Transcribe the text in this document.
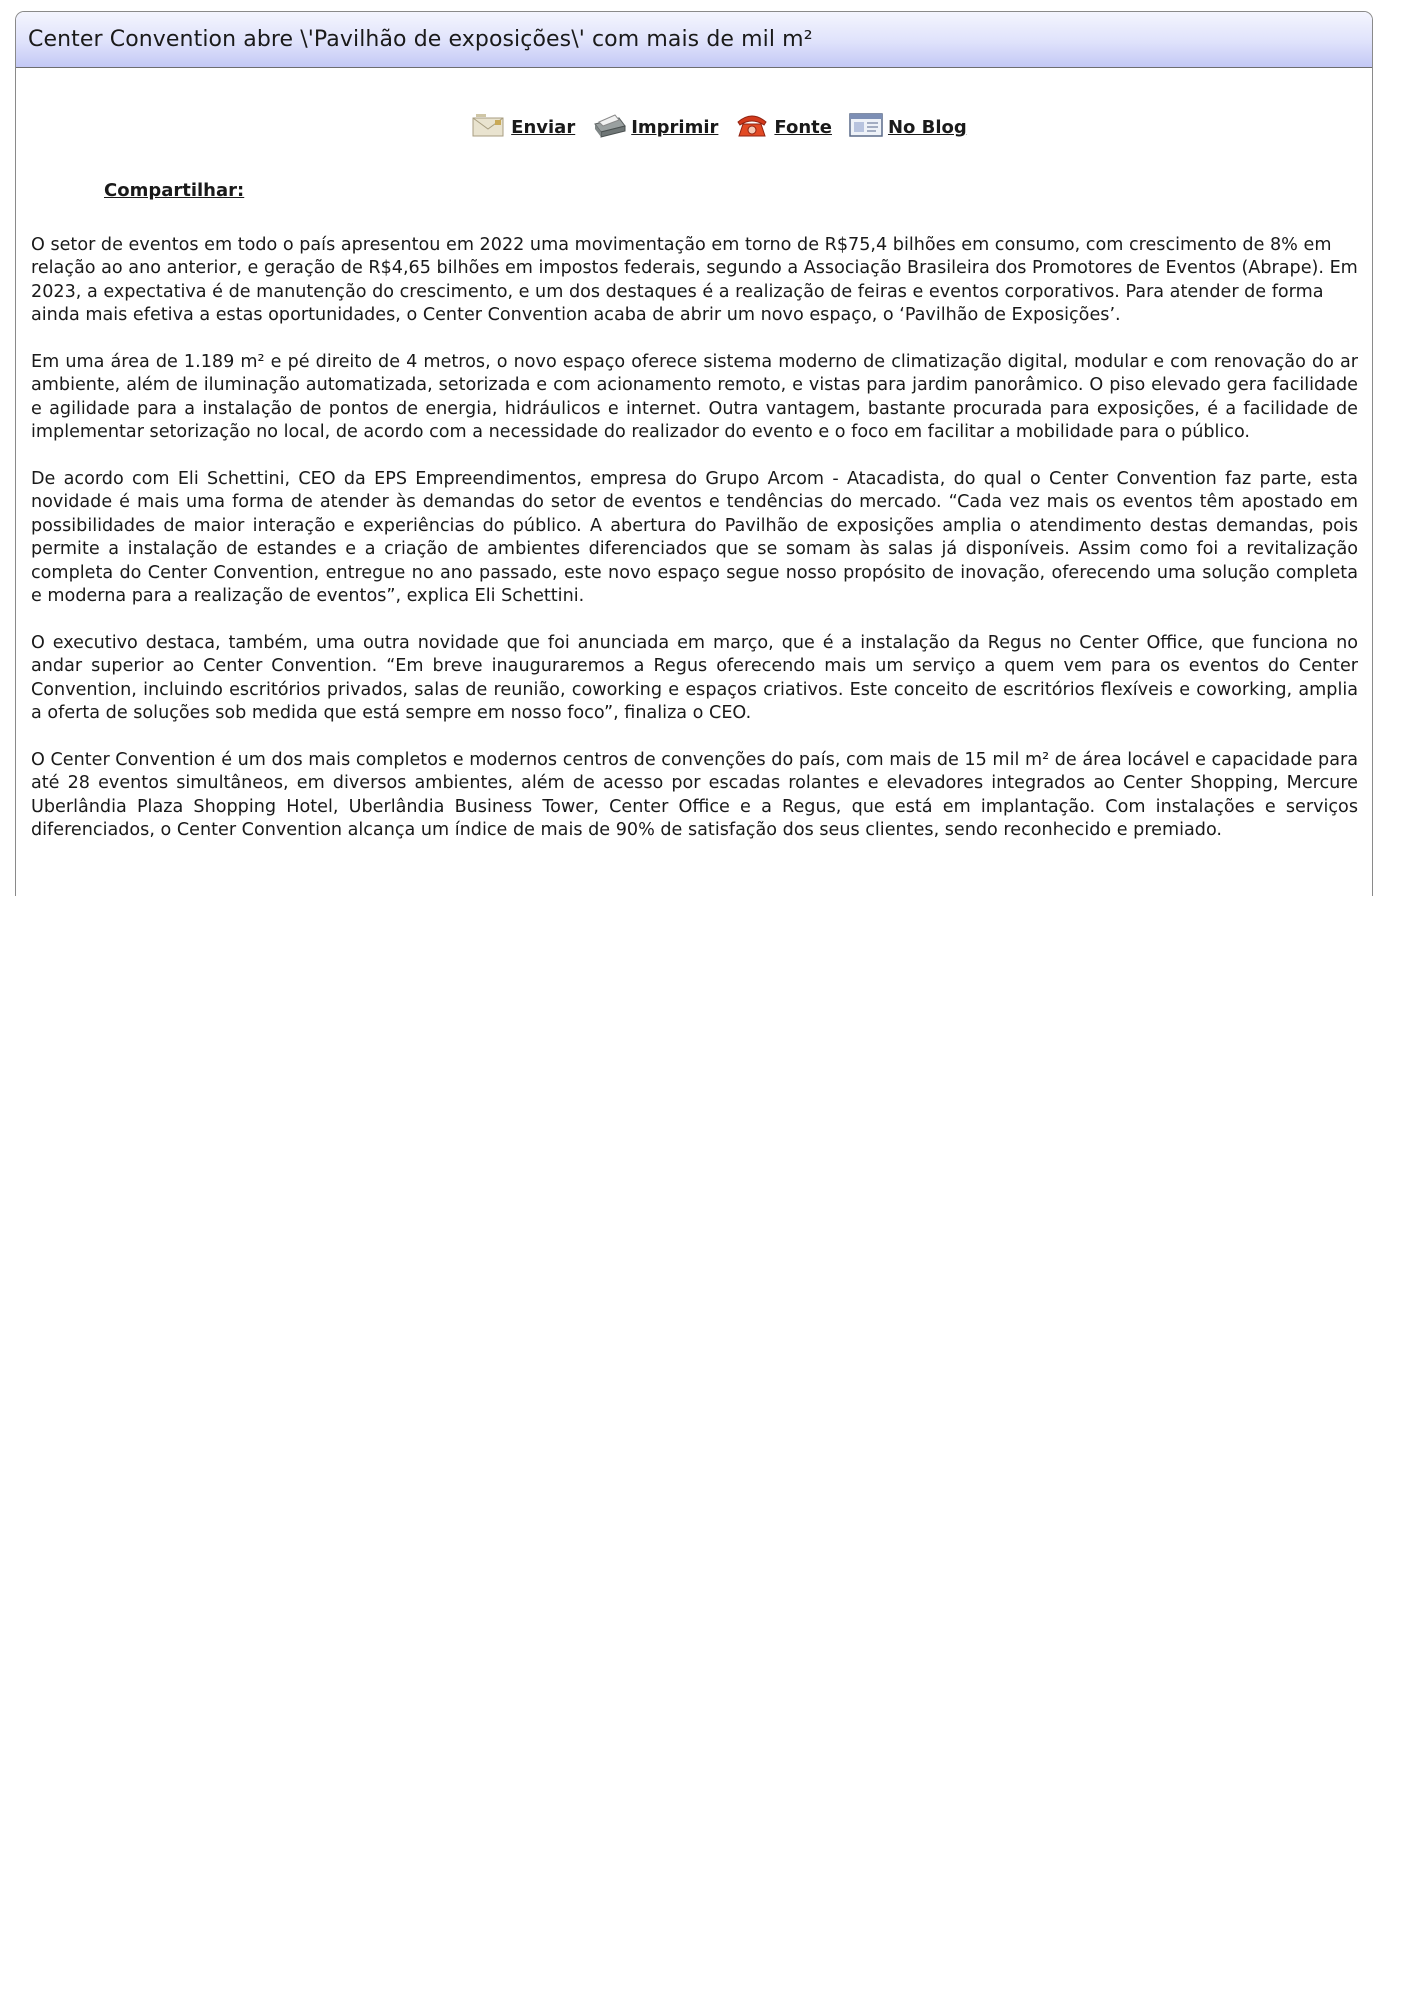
Center Convention abre \'Pavilhão de exposições\' com mais de mil m²
Enviar	Imprimir	Fonte	No Blog
Compartilhar:

O setor de eventos em todo o país apresentou em 2022 uma movimentação em torno de R$75,4 bilhões em consumo, com crescimento de 8% em relação ao ano anterior, e geração de R$4,65 bilhões em impostos federais, segundo a Associação Brasileira dos Promotores de Eventos (Abrape). Em 2023, a expectativa é de manutenção do crescimento, e um dos destaques é a realização de feiras e eventos corporativos. Para atender de forma ainda mais efetiva a estas oportunidades, o Center Convention acaba de abrir um novo espaço, o ‘Pavilhão de Exposições’.

Em uma área de 1.189 m² e pé direito de 4 metros, o novo espaço oferece sistema moderno de climatização digital, modular e com renovação do ar ambiente, além de iluminação automatizada, setorizada e com acionamento remoto, e vistas para jardim panorâmico. O piso elevado gera facilidade e agilidade para a instalação de pontos de energia, hidráulicos e internet. Outra vantagem, bastante procurada para exposições, é a facilidade de implementar setorização no local, de acordo com a necessidade do realizador do evento e o foco em facilitar a mobilidade para o público.

De acordo com Eli Schettini, CEO da EPS Empreendimentos, empresa do Grupo Arcom - Atacadista, do qual o Center Convention faz parte, esta novidade é mais uma forma de atender às demandas do setor de eventos e tendências do mercado. “Cada vez mais os eventos têm apostado em possibilidades de maior interação e experiências do público. A abertura do Pavilhão de exposições amplia o atendimento destas demandas, pois permite a instalação de estandes e a criação de ambientes diferenciados que se somam às salas já disponíveis. Assim como foi a revitalização completa do Center Convention, entregue no ano passado, este novo espaço segue nosso propósito de inovação, oferecendo uma solução completa e moderna para a realização de eventos”, explica Eli Schettini.

O executivo destaca, também, uma outra novidade que foi anunciada em março, que é a instalação da Regus no Center Office, que funciona no andar superior ao Center Convention. “Em breve inauguraremos a Regus oferecendo mais um serviço a quem vem para os eventos do Center Convention, incluindo escritórios privados, salas de reunião, coworking e espaços criativos. Este conceito de escritórios flexíveis e coworking, amplia a oferta de soluções sob medida que está sempre em nosso foco”, finaliza o CEO.

O Center Convention é um dos mais completos e modernos centros de convenções do país, com mais de 15 mil m² de área locável e capacidade para até 28 eventos simultâneos, em diversos ambientes, além de acesso por escadas rolantes e elevadores integrados ao Center Shopping, Mercure Uberlândia Plaza Shopping Hotel, Uberlândia Business Tower, Center Office e a Regus, que está em implantação. Com instalações e serviços diferenciados, o Center Convention alcança um índice de mais de 90% de satisfação dos seus clientes, sendo reconhecido e premiado.
